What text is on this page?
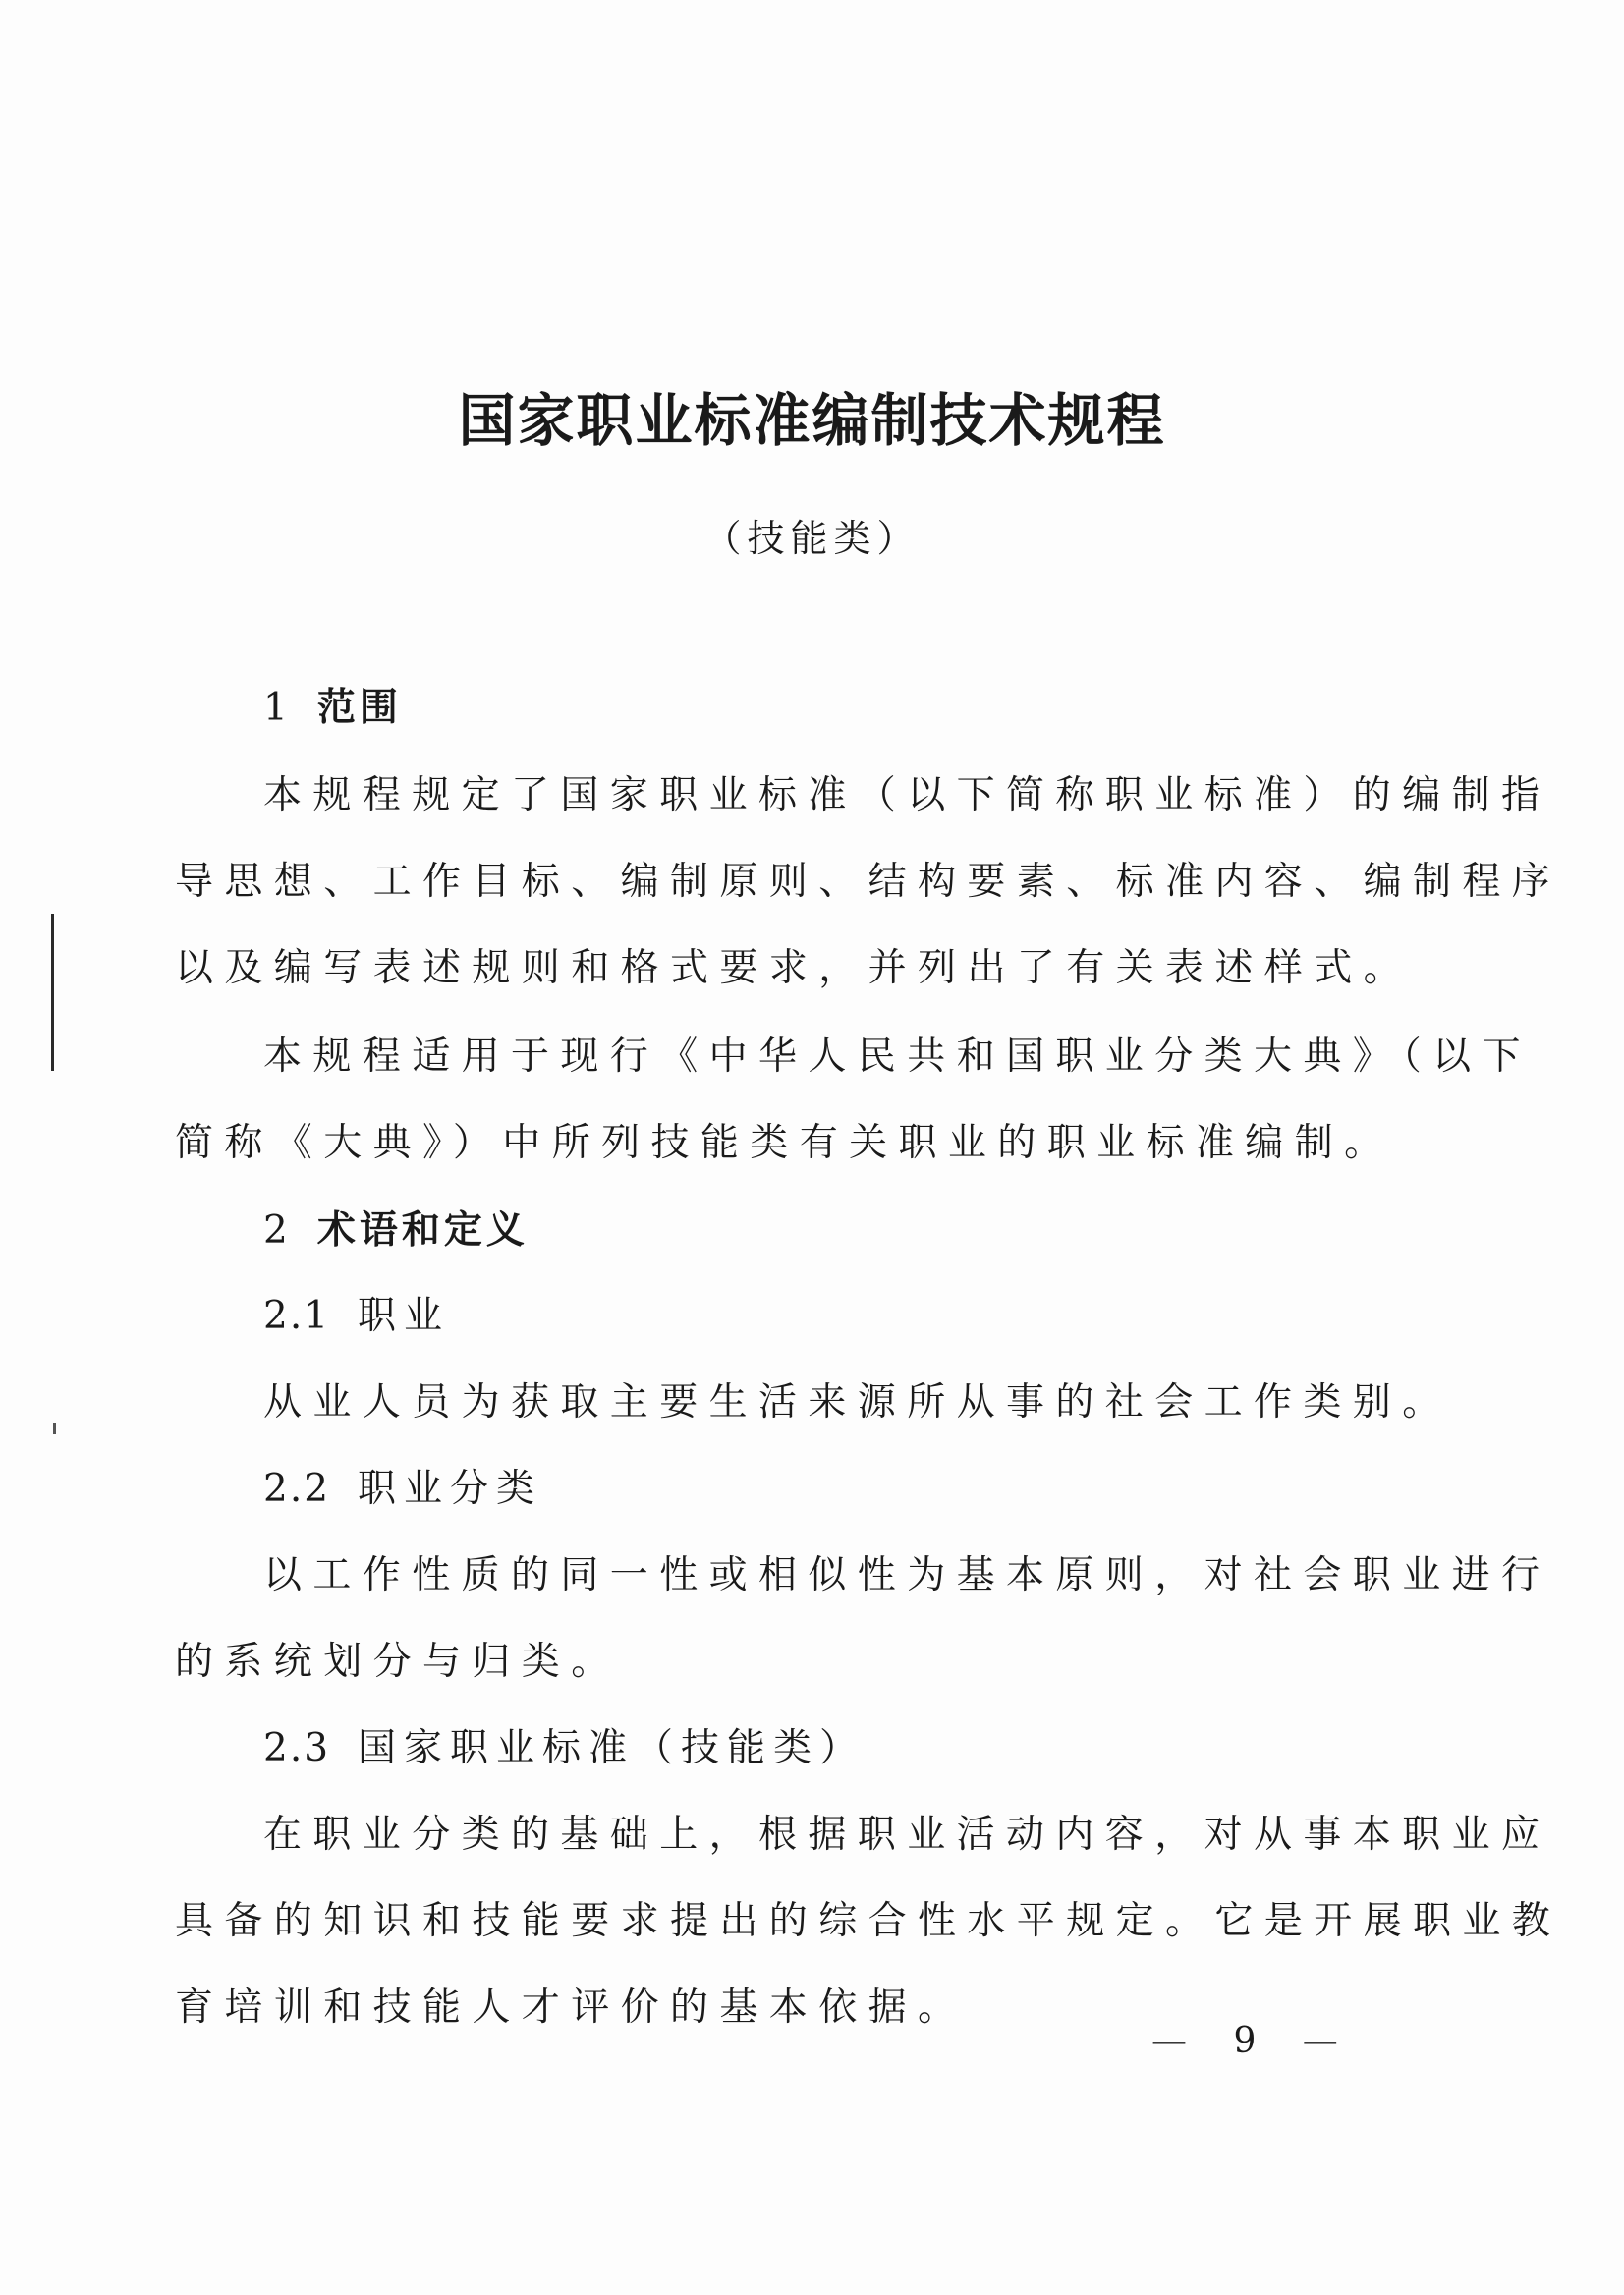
国家职业标准编制技术规程
（技能类）
1 范围
本规程规定了国家职业标准（以下简称职业标准）的编制指
导思想、工作目标、编制原则、结构要素、标准内容、编制程序
以及编写表述规则和格式要求，并列出了有关表述样式。
本规程适用于现行《中华人民共和国职业分类大典》（以下
简称《大典》）中所列技能类有关职业的职业标准编制。
2 术语和定义
2.1 职业
从业人员为获取主要生活来源所从事的社会工作类别。
2.2 职业分类
以工作性质的同一性或相似性为基本原则，对社会职业进行
的系统划分与归类。
2.3 国家职业标准（技能类）
在职业分类的基础上，根据职业活动内容，对从事本职业应
具备的知识和技能要求提出的综合性水平规定。它是开展职业教
育培训和技能人才评价的基本依据。
— 9 —
